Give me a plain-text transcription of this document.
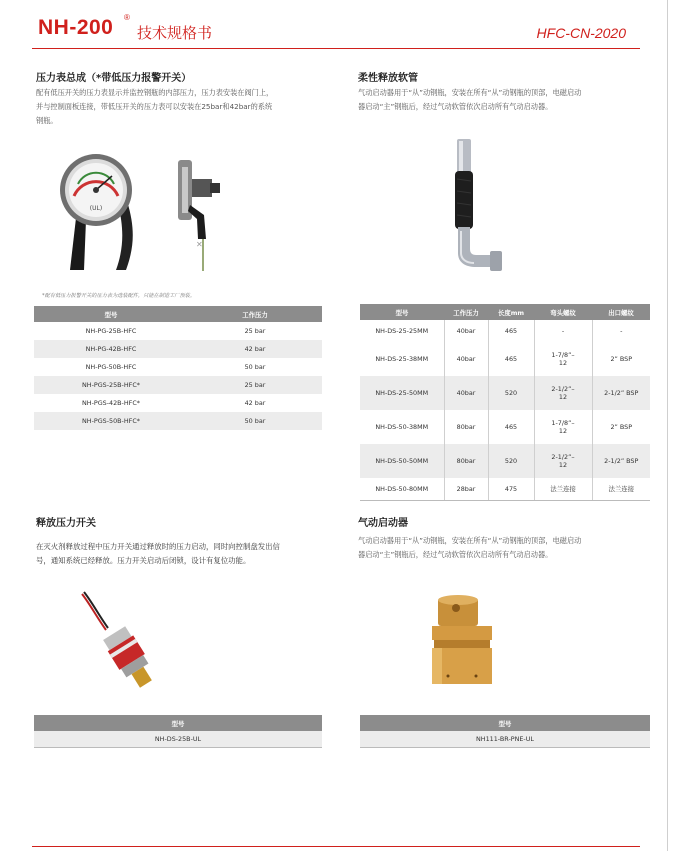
NH-200 ®
技术规格书	HFC-CN-2020
压力表总成（*带低压力报警开关）
配有低压开关的压力表显示并监控钢瓶的内部压力，压力表安装在阀门上，
并与控制面板连接，带低压开关的压力表可以安装在25bar和42bar的系统
钢瓶。
(UL)
✕
*配有低压力报警开关的压力表为选装配件，只能在制造工厂预装。
型号	工作压力
NH-PG-25B-HFC	25 bar
NH-PG-42B-HFC	42 bar
NH-PG-50B-HFC	50 bar
NH-PGS-25B-HFC*	25 bar
NH-PGS-42B-HFC*	42 bar
NH-PGS-50B-HFC*	50 bar
柔性释放软管
气动启动器用于“从”动钢瓶，安装在所有“从”动钢瓶的顶部，电磁启动
器启动“主”钢瓶后，经过气动软管依次启动所有气动启动器。
型号	工作压力	长度mm	弯头螺纹	出口螺纹
NH-DS-25-25MM	40bar	465	-	-
NH-DS-25-38MM	40bar	465	1-7/8”–
12	2” BSP
NH-DS-25-50MM	40bar	520	2-1/2”–
12	2-1/2” BSP
NH-DS-50-38MM	80bar	465	1-7/8”–
12	2” BSP
NH-DS-50-50MM	80bar	520	2-1/2”–
12	2-1/2” BSP
NH-DS-50-80MM	28bar	475	法兰连接	法兰连接
释放压力开关
在灭火剂释放过程中压力开关通过释放时的压力启动，同时向控制盘发出信
号，通知系统已经释放。压力开关启动后闭锁，设计有复位功能。
型号
NH-DS-25B-UL
气动启动器
气动启动器用于“从”动钢瓶，安装在所有“从”动钢瓶的顶部，电磁启动
器启动“主”钢瓶后，经过气动软管依次启动所有气动启动器。
型号
NH111-BR-PNE-UL
